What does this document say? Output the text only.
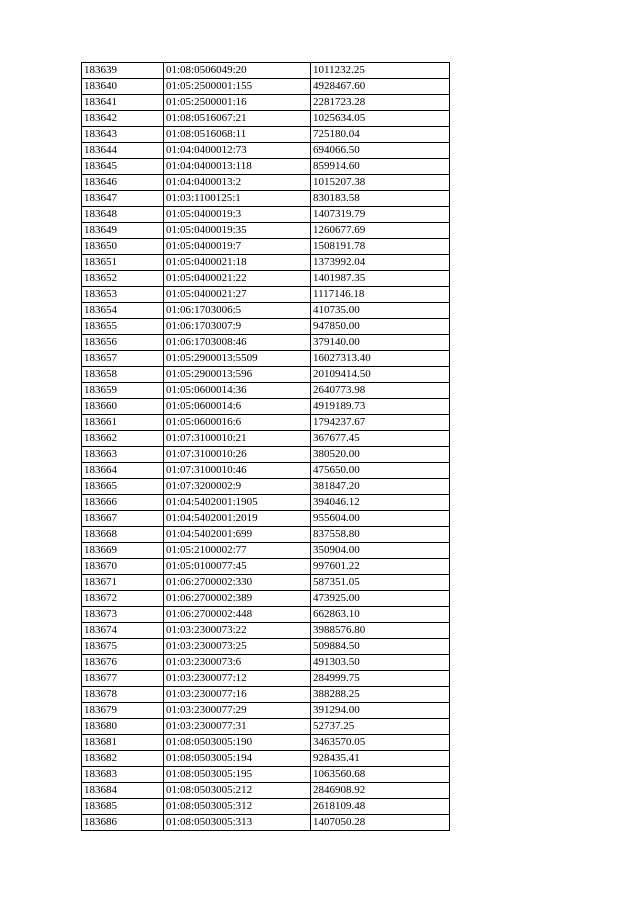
183639	01:08:0506049:20	1011232.25
183640	01:05:2500001:155	4928467.60
183641	01:05:2500001:16	2281723.28
183642	01:08:0516067:21	1025634.05
183643	01:08:0516068:11	725180.04
183644	01:04:0400012:73	694066.50
183645	01:04:0400013:118	859914.60
183646	01:04:0400013:2	1015207.38
183647	01:03:1100125:1	830183.58
183648	01:05:0400019:3	1407319.79
183649	01:05:0400019:35	1260677.69
183650	01:05:0400019:7	1508191.78
183651	01:05:0400021:18	1373992.04
183652	01:05:0400021:22	1401987.35
183653	01:05:0400021:27	1117146.18
183654	01:06:1703006:5	410735.00
183655	01:06:1703007:9	947850.00
183656	01:06:1703008:46	379140.00
183657	01:05:2900013:5509	16027313.40
183658	01:05:2900013:596	20109414.50
183659	01:05:0600014:36	2640773.98
183660	01:05:0600014:6	4919189.73
183661	01:05:0600016:6	1794237.67
183662	01:07:3100010:21	367677.45
183663	01:07:3100010:26	380520.00
183664	01:07:3100010:46	475650.00
183665	01:07:3200002:9	381847.20
183666	01:04:5402001:1905	394046.12
183667	01:04:5402001:2019	955604.00
183668	01:04:5402001:699	837558.80
183669	01:05:2100002:77	350904.00
183670	01:05:0100077:45	997601.22
183671	01:06:2700002:330	587351.05
183672	01:06:2700002:389	473925.00
183673	01:06:2700002:448	662863.10
183674	01:03:2300073:22	3988576.80
183675	01:03:2300073:25	509884.50
183676	01:03:2300073:6	491303.50
183677	01:03:2300077:12	284999.75
183678	01:03:2300077:16	388288.25
183679	01:03:2300077:29	391294.00
183680	01:03:2300077:31	52737.25
183681	01:08:0503005:190	3463570.05
183682	01:08:0503005:194	928435.41
183683	01:08:0503005:195	1063560.68
183684	01:08:0503005:212	2846908.92
183685	01:08:0503005:312	2618109.48
183686	01:08:0503005:313	1407050.28
